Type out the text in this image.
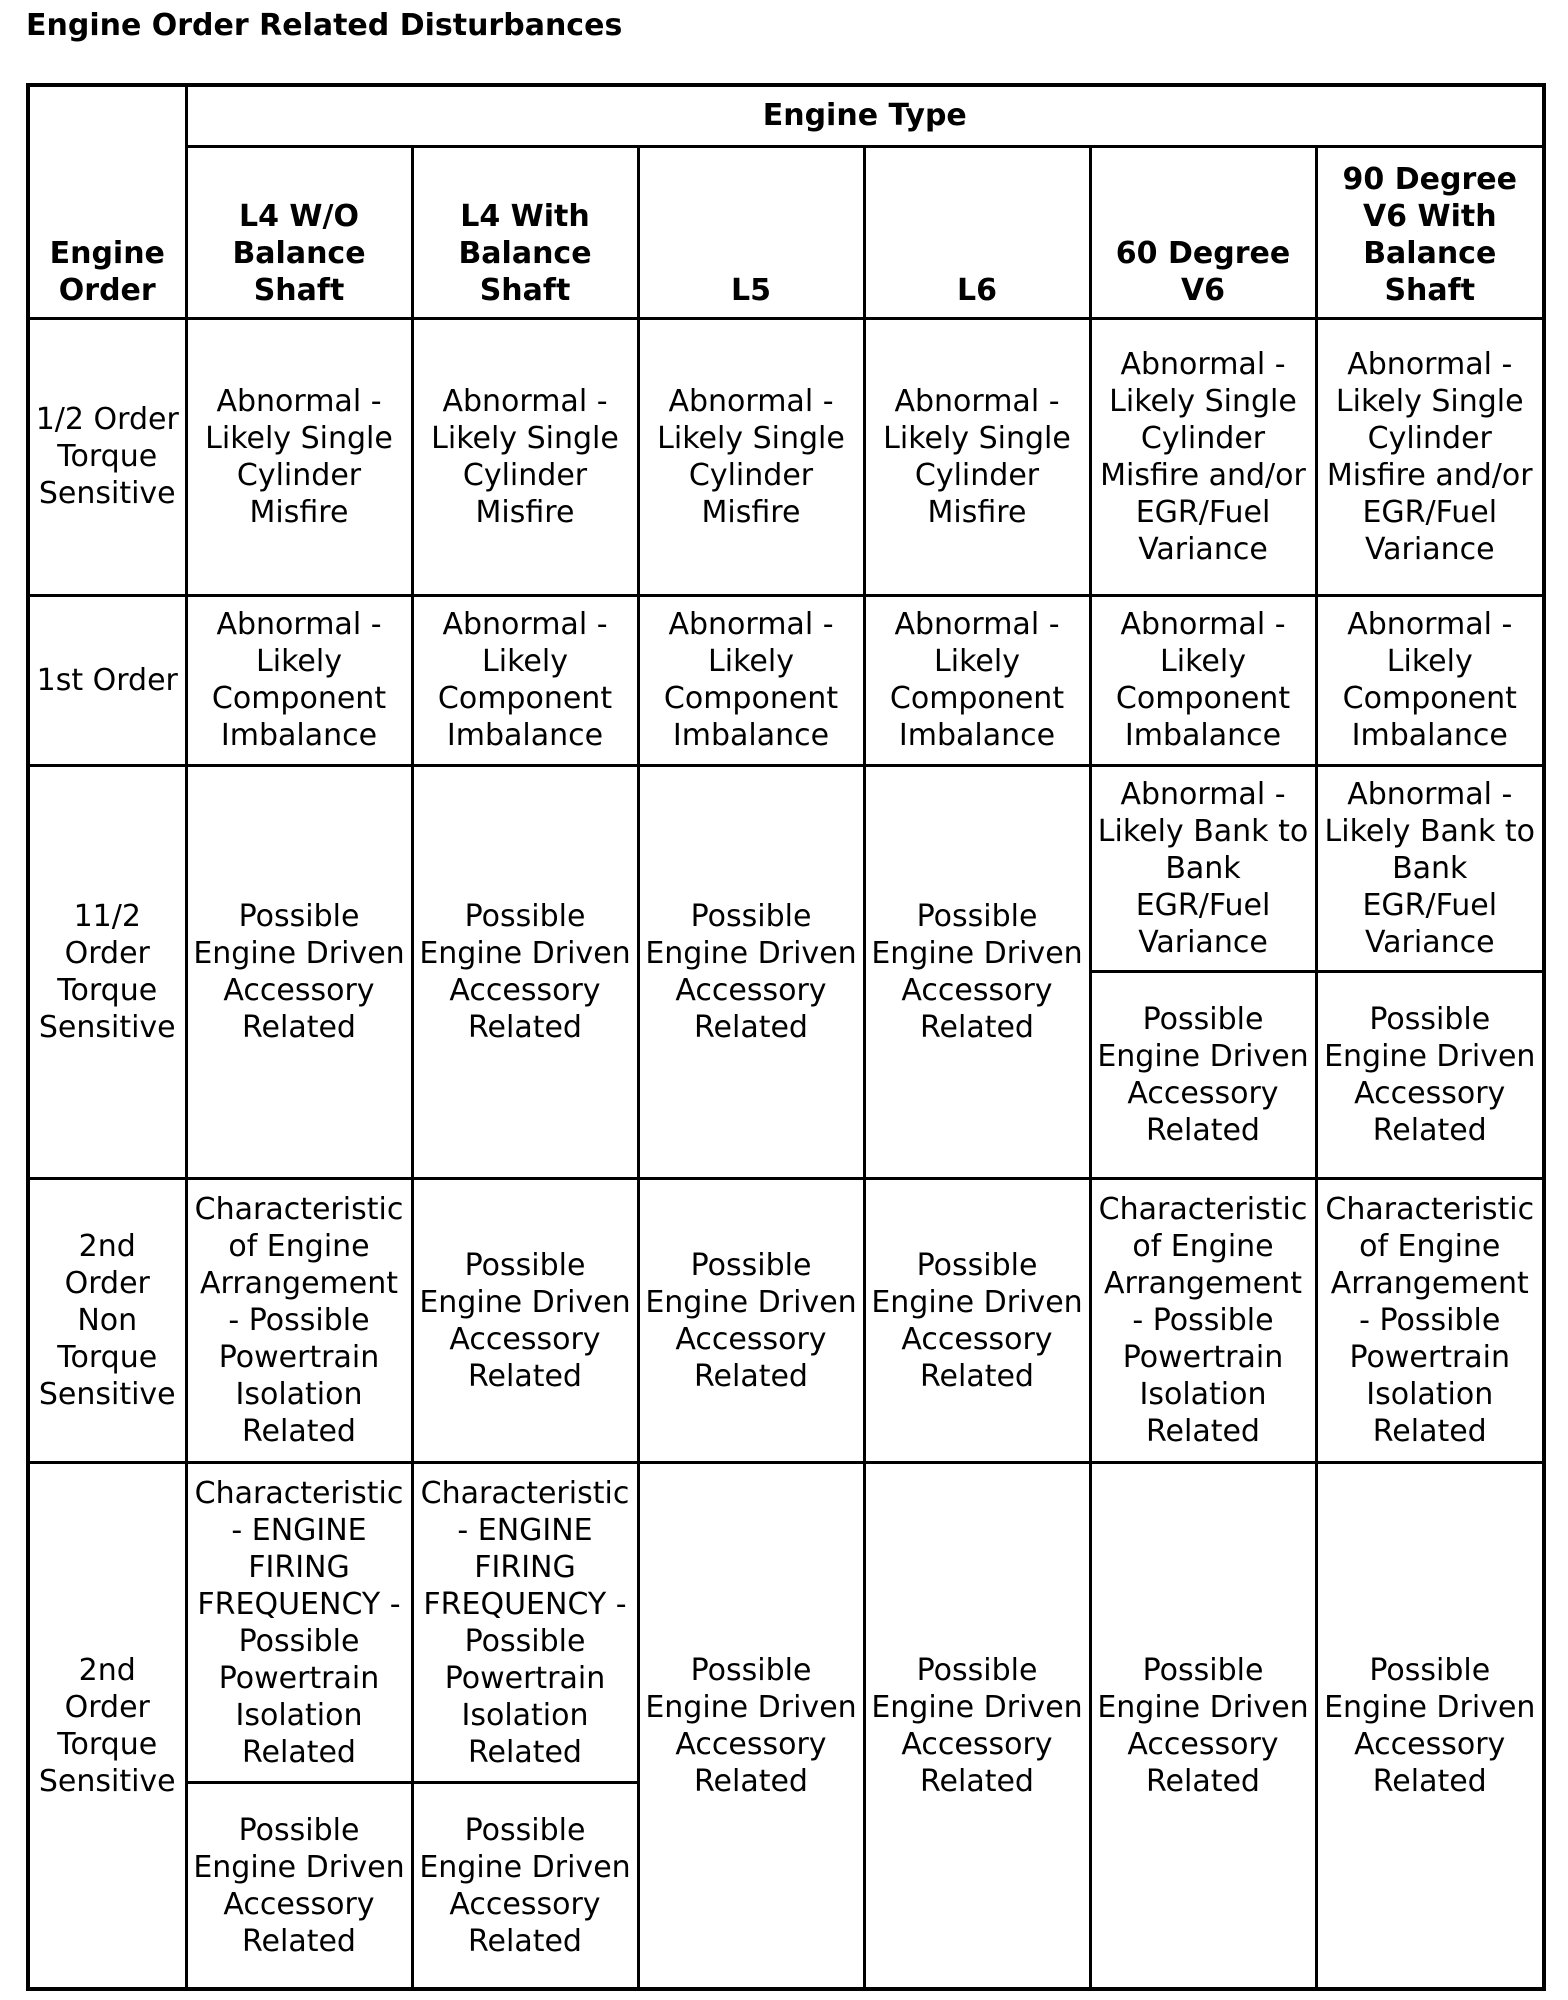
Engine Order Related Disturbances
Engine Order	Engine Type					

	L4 W/O Balance Shaft	L4 With Balance Shaft	L5	L6	60 Degree V6	90 Degree V6 With Balance Shaft

1/2 Order Torque Sensitive	Abnormal - Likely Single Cylinder Misfire	Abnormal - Likely Single Cylinder Misfire	Abnormal - Likely Single Cylinder Misfire	Abnormal - Likely Single Cylinder Misfire	Abnormal - Likely Single Cylinder Misfire and/or EGR/Fuel Variance	Abnormal - Likely Single Cylinder Misfire and/or EGR/Fuel Variance

1st Order	Abnormal - Likely Component Imbalance	Abnormal - Likely Component Imbalance	Abnormal - Likely Component Imbalance	Abnormal - Likely Component Imbalance	Abnormal - Likely Component Imbalance	Abnormal - Likely Component Imbalance

11/2 Order Torque Sensitive	Possible Engine Driven Accessory Related	Possible Engine Driven Accessory Related	Possible Engine Driven Accessory Related	Possible Engine Driven Accessory Related	Abnormal - Likely Bank to Bank EGR/Fuel Variance	Abnormal - Likely Bank to Bank EGR/Fuel Variance

					Possible Engine Driven Accessory Related	Possible Engine Driven Accessory Related

2nd Order Non Torque Sensitive	Characteristic of Engine Arrangement - Possible Powertrain Isolation Related	Possible Engine Driven Accessory Related	Possible Engine Driven Accessory Related	Possible Engine Driven Accessory Related	Characteristic of Engine Arrangement - Possible Powertrain Isolation Related	Characteristic of Engine Arrangement - Possible Powertrain Isolation Related

2nd Order Torque Sensitive	Characteristic - ENGINE FIRING FREQUENCY - Possible Powertrain Isolation Related	Characteristic - ENGINE FIRING FREQUENCY - Possible Powertrain Isolation Related	Possible Engine Driven Accessory Related	Possible Engine Driven Accessory Related	Possible Engine Driven Accessory Related	Possible Engine Driven Accessory Related

	Possible Engine Driven Accessory Related	Possible Engine Driven Accessory Related				
